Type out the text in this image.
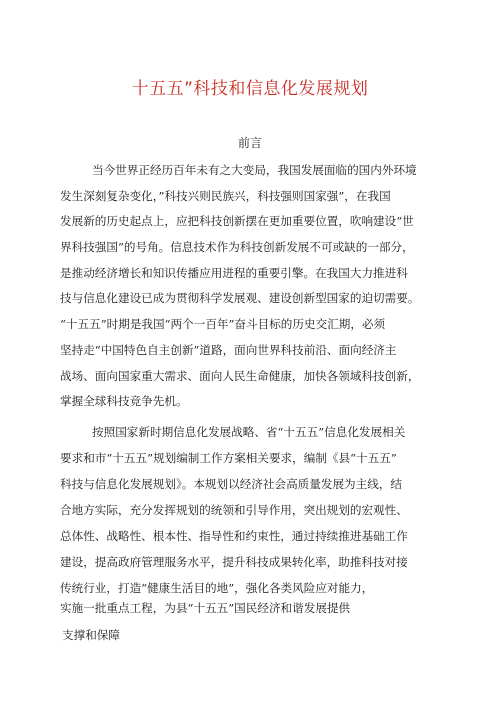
十五五”科技和信息化发展规划
前言
当今世界正经历百年未有之大变局，我国发展面临的国内外环境
发生深刻复杂变化，”科技兴则民族兴，科技强则国家强”，在我国
发展新的历史起点上，应把科技创新摆在更加重要位置，吹响建设“世
界科技强国”的号角。信息技术作为科技创新发展不可或缺的一部分，
是推动经济增长和知识传播应用进程的重要引擎。在我国大力推进科
技与信息化建设已成为贯彻科学发展观、建设创新型国家的迫切需要。
“十五五”时期是我国“两个一百年”奋斗目标的历史交汇期，必须
坚持走“中国特色自主创新”道路，面向世界科技前沿、面向经济主
战场、面向国家重大需求、面向人民生命健康，加快各领域科技创新，
掌握全球科技竞争先机。
按照国家新时期信息化发展战略、省“十五五”信息化发展相关
要求和市“十五五”规划编制工作方案相关要求，编制《县“十五五”
科技与信息化发展规划》。本规划以经济社会高质量发展为主线，结
合地方实际，充分发挥规划的统领和引导作用，突出规划的宏观性、
总体性、战略性、根本性、指导性和约束性，通过持续推进基础工作
建设，提高政府管理服务水平，提升科技成果转化率，助推科技对接
传统行业，打造“健康生活目的地”，强化各类风险应对能力，
实施一批重点工程，为县“十五五”国民经济和谐发展提供
支撑和保障
